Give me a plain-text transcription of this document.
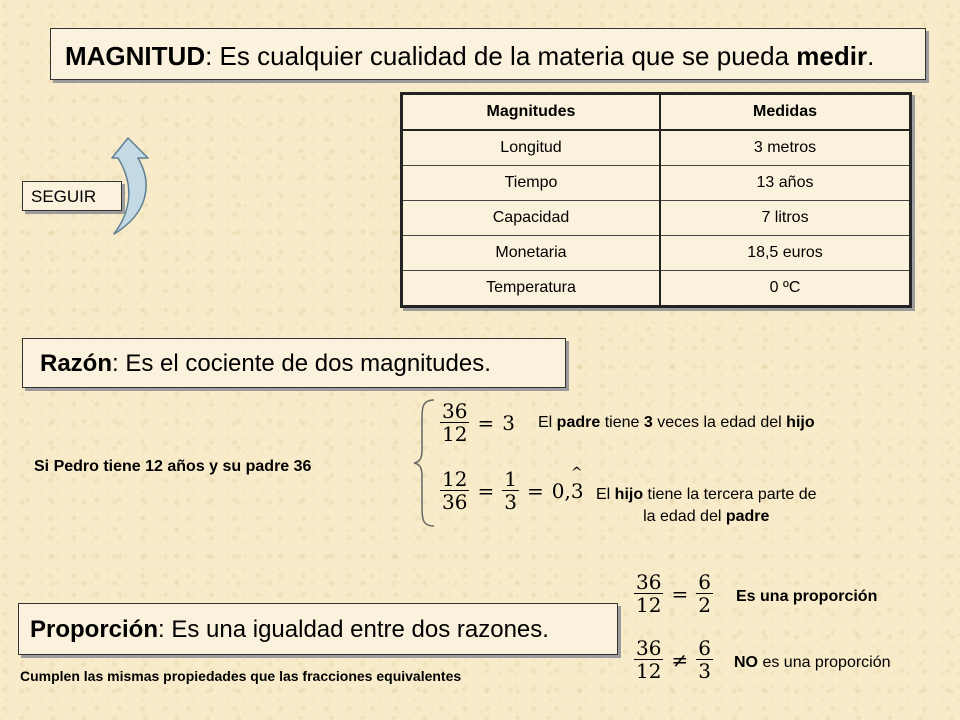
MAGNITUD: Es cualquier cualidad de la materia que se pueda medir.
SEGUIR
Magnitudes	Medidas
Longitud	3 metros
Tiempo	13 años
Capacidad	7 litros
Monetaria	18,5 euros
Temperatura	0 ºC
Razón: Es el cociente de dos magnitudes.
Si Pedro tiene 12 años y su padre 36
$\frac{36}{12} = 3$
$\frac{12}{36} = \frac{1}{3}$ = 0,^ 3
El padre tiene 3 veces la edad del hijo
El hijo tiene la tercera parte de
la edad del padre
$\frac{36}{12} = \frac{6}{2}$ Es una proporción
Proporción: Es una igualdad entre dos razones.
$\frac{36}{12} \ne \frac{6}{3}$ NO es una proporción
Cumplen las mismas propiedades que las fracciones equivalentes
